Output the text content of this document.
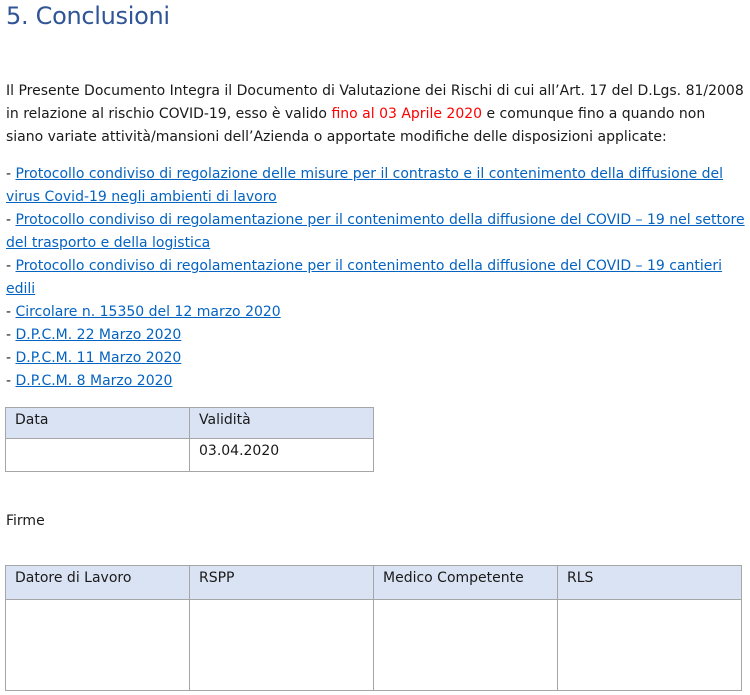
5. Conclusioni

Il Presente Documento Integra il Documento di Valutazione dei Rischi di cui all’Art. 17 del D.Lgs. 81/2008 in relazione al rischio COVID-19, esso è valido fino al 03 Aprile 2020 e comunque fino a quando non siano variate attività/mansioni dell’Azienda o apportate modifiche delle disposizioni applicate:

- Protocollo condiviso di regolazione delle misure per il contrasto e il contenimento della diffusione del virus Covid-19 negli ambienti di lavoro
- Protocollo condiviso di regolamentazione per il contenimento della diffusione del COVID – 19 nel settore del trasporto e della logistica
- Protocollo condiviso di regolamentazione per il contenimento della diffusione del COVID – 19 cantieri edili
- Circolare n. 15350 del 12 marzo 2020
- D.P.C.M. 22 Marzo 2020
- D.P.C.M. 11 Marzo 2020
- D.P.C.M. 8 Marzo 2020
Data	Validità
	03.04.2020

Firme

Datore di Lavoro	RSPP	Medico Competente	RLS
